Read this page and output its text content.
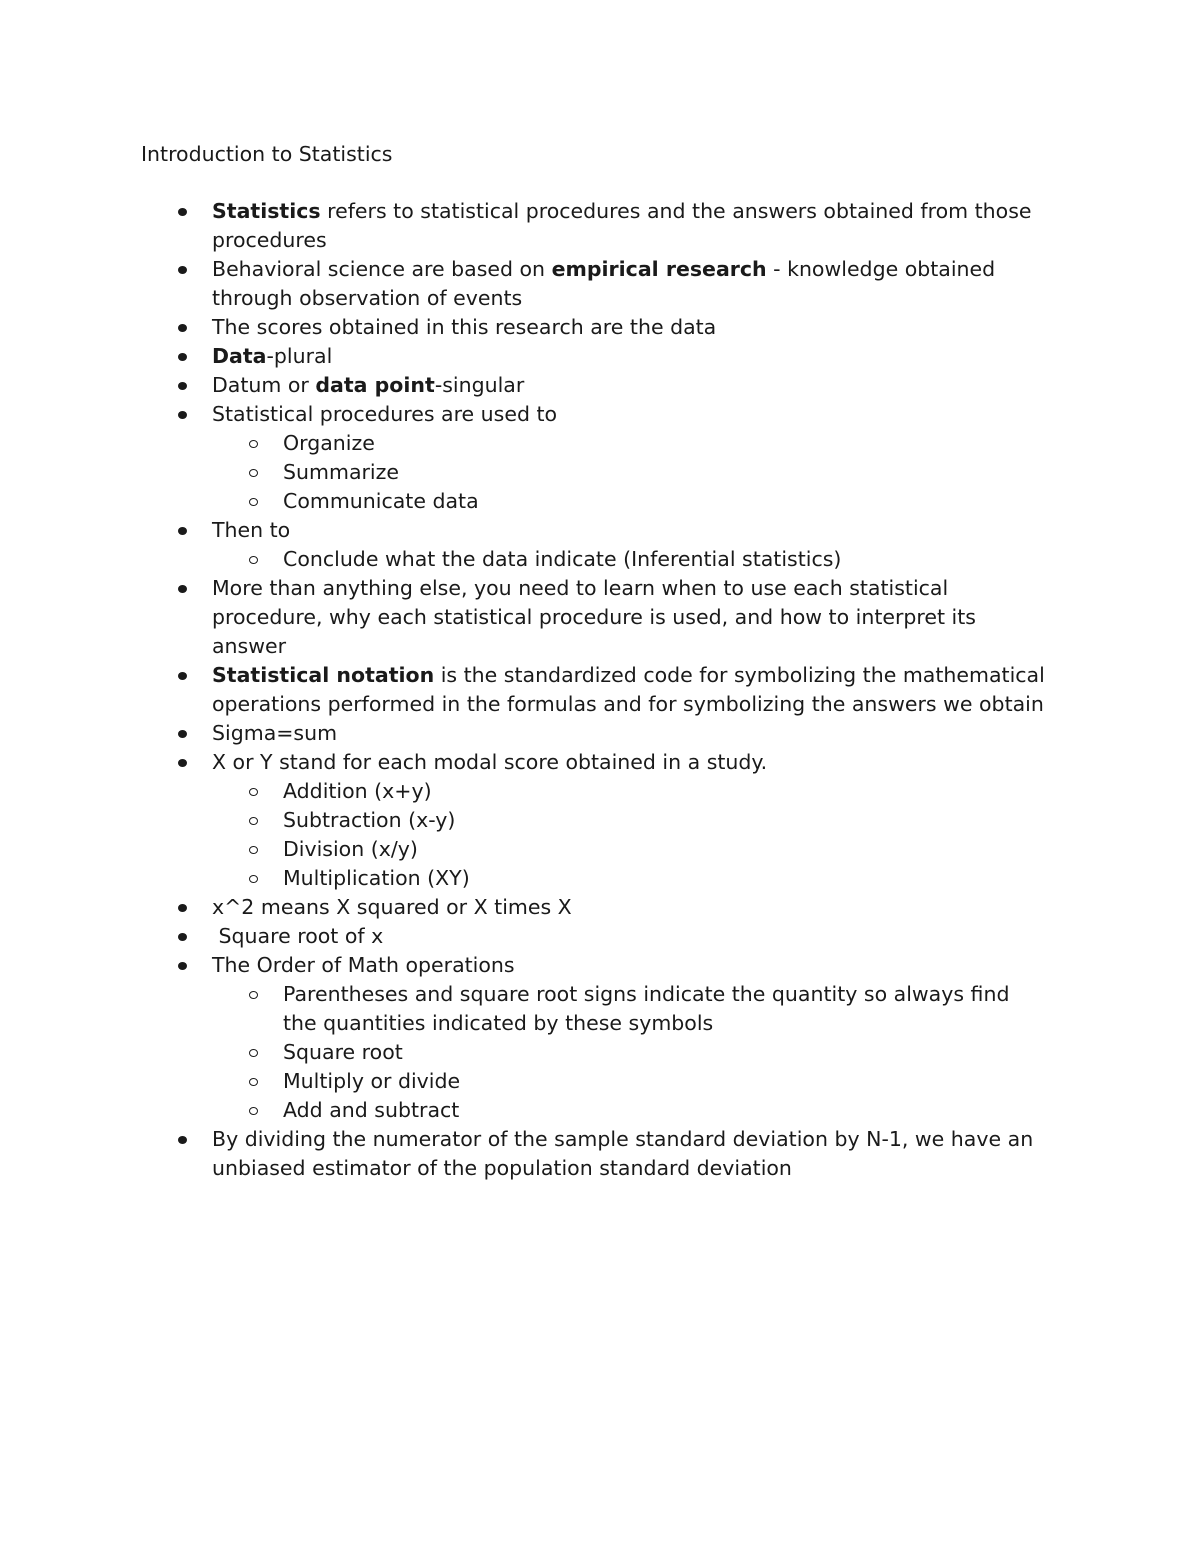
Introduction to Statistics
Statistics refers to statistical procedures and the answers obtained from those procedures
Behavioral science are based on empirical research - knowledge obtained through observation of events
The scores obtained in this research are the data
Data-plural
Datum or data point-singular
Statistical procedures are used to
Organize
Summarize
Communicate data
Then to
Conclude what the data indicate (Inferential statistics)
More than anything else, you need to learn when to use each statistical procedure, why each statistical procedure is used, and how to interpret its answer
Statistical notation is the standardized code for symbolizing the mathematical operations performed in the formulas and for symbolizing the answers we obtain
Sigma=sum
X or Y stand for each modal score obtained in a study.
Addition (x+y)
Subtraction (x-y)
Division (x/y)
Multiplication (XY)
x^2 means X squared or X times X
Square root of x
The Order of Math operations
Parentheses and square root signs indicate the quantity so always find the quantities indicated by these symbols
Square root
Multiply or divide
Add and subtract
By dividing the numerator of the sample standard deviation by N-1, we have an unbiased estimator of the population standard deviation
